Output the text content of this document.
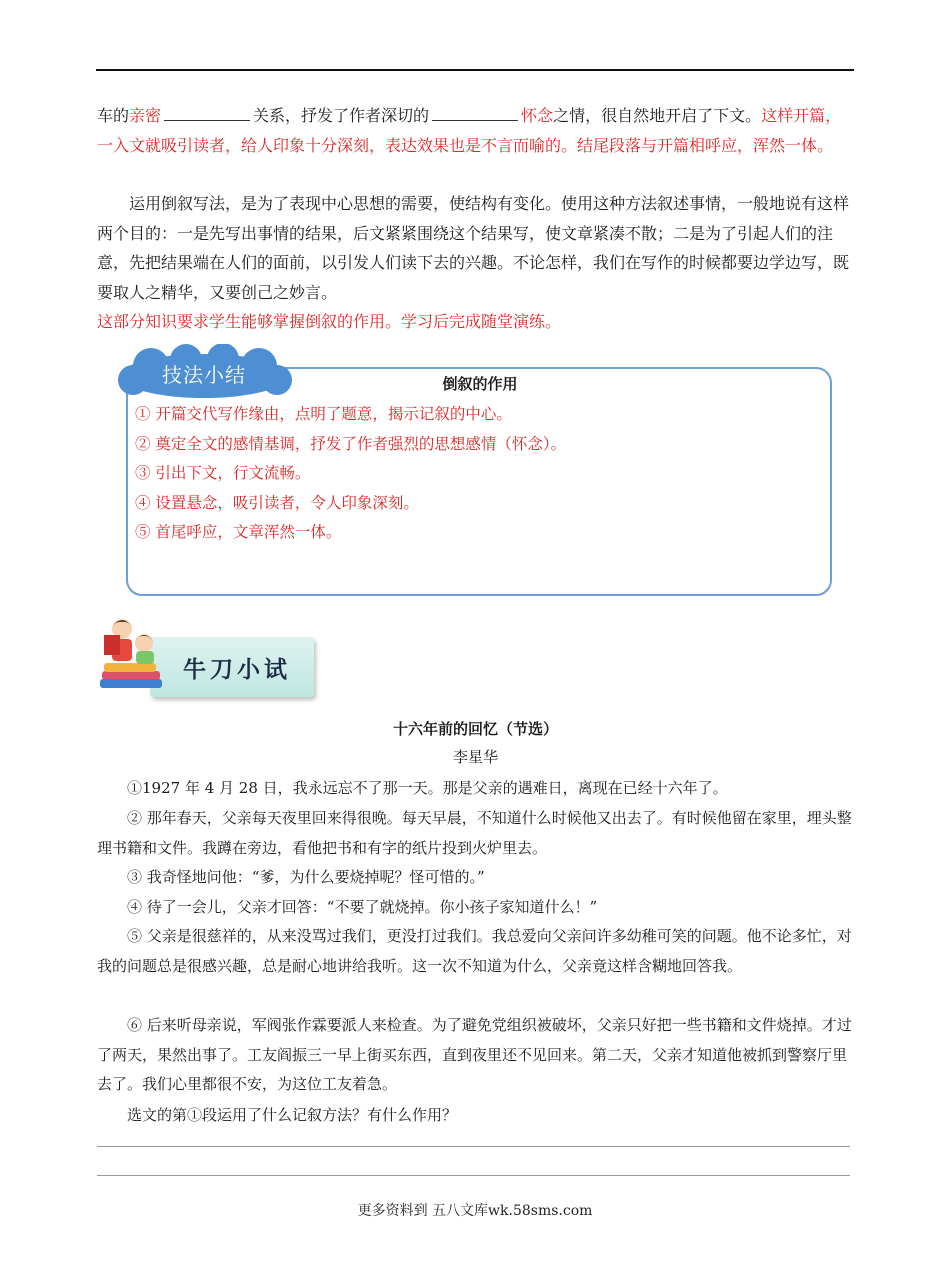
车的亲密	关系，抒发了作者深切的	怀念之情，很自然地开启了下文。这样开篇，一入文就吸引读者，给人印象十分深刻，表达效果也是不言而喻的。结尾段落与开篇相呼应，浑然一体。

运用倒叙写法，是为了表现中心思想的需要，使结构有变化。使用这种方法叙述事情，一般地说有这样两个目的：一是先写出事情的结果，后文紧紧围绕这个结果写，使文章紧凑不散；二是为了引起人们的注意，先把结果端在人们的面前，以引发人们读下去的兴趣。不论怎样，我们在写作的时候都要边学边写，既要取人之精华，又要创己之妙言。

这部分知识要求学生能够掌握倒叙的作用。学习后完成随堂演练。

技法小结	倒叙的作用
① 开篇交代写作缘由，点明了题意，揭示记叙的中心。
② 奠定全文的感情基调，抒发了作者强烈的思想感情（怀念）。
③ 引出下文，行文流畅。
④ 设置悬念，吸引读者，令人印象深刻。
⑤ 首尾呼应，文章浑然一体。
牛刀小试
十六年前的回忆（节选）
李星华

①1927 年 4 月 28 日，我永远忘不了那一天。那是父亲的遇难日，离现在已经十六年了。

② 那年春天，父亲每天夜里回来得很晚。每天早晨，不知道什么时候他又出去了。有时候他留在家里，埋头整理书籍和文件。我蹲在旁边，看他把书和有字的纸片投到火炉里去。

③ 我奇怪地问他：“爹，为什么要烧掉呢？怪可惜的。”

④ 待了一会儿，父亲才回答：“不要了就烧掉。你小孩子家知道什么！”

⑤ 父亲是很慈祥的，从来没骂过我们，更没打过我们。我总爱向父亲问许多幼稚可笑的问题。他不论多忙，对我的问题总是很感兴趣，总是耐心地讲给我听。这一次不知道为什么，父亲竟这样含糊地回答我。

⑥ 后来听母亲说，军阀张作霖要派人来检查。为了避免党组织被破坏，父亲只好把一些书籍和文件烧掉。才过了两天，果然出事了。工友阎振三一早上街买东西，直到夜里还不见回来。第二天，父亲才知道他被抓到警察厅里去了。我们心里都很不安，为这位工友着急。

选文的第①段运用了什么记叙方法？有什么作用？

更多资料到 五八文库wk.58sms.com
